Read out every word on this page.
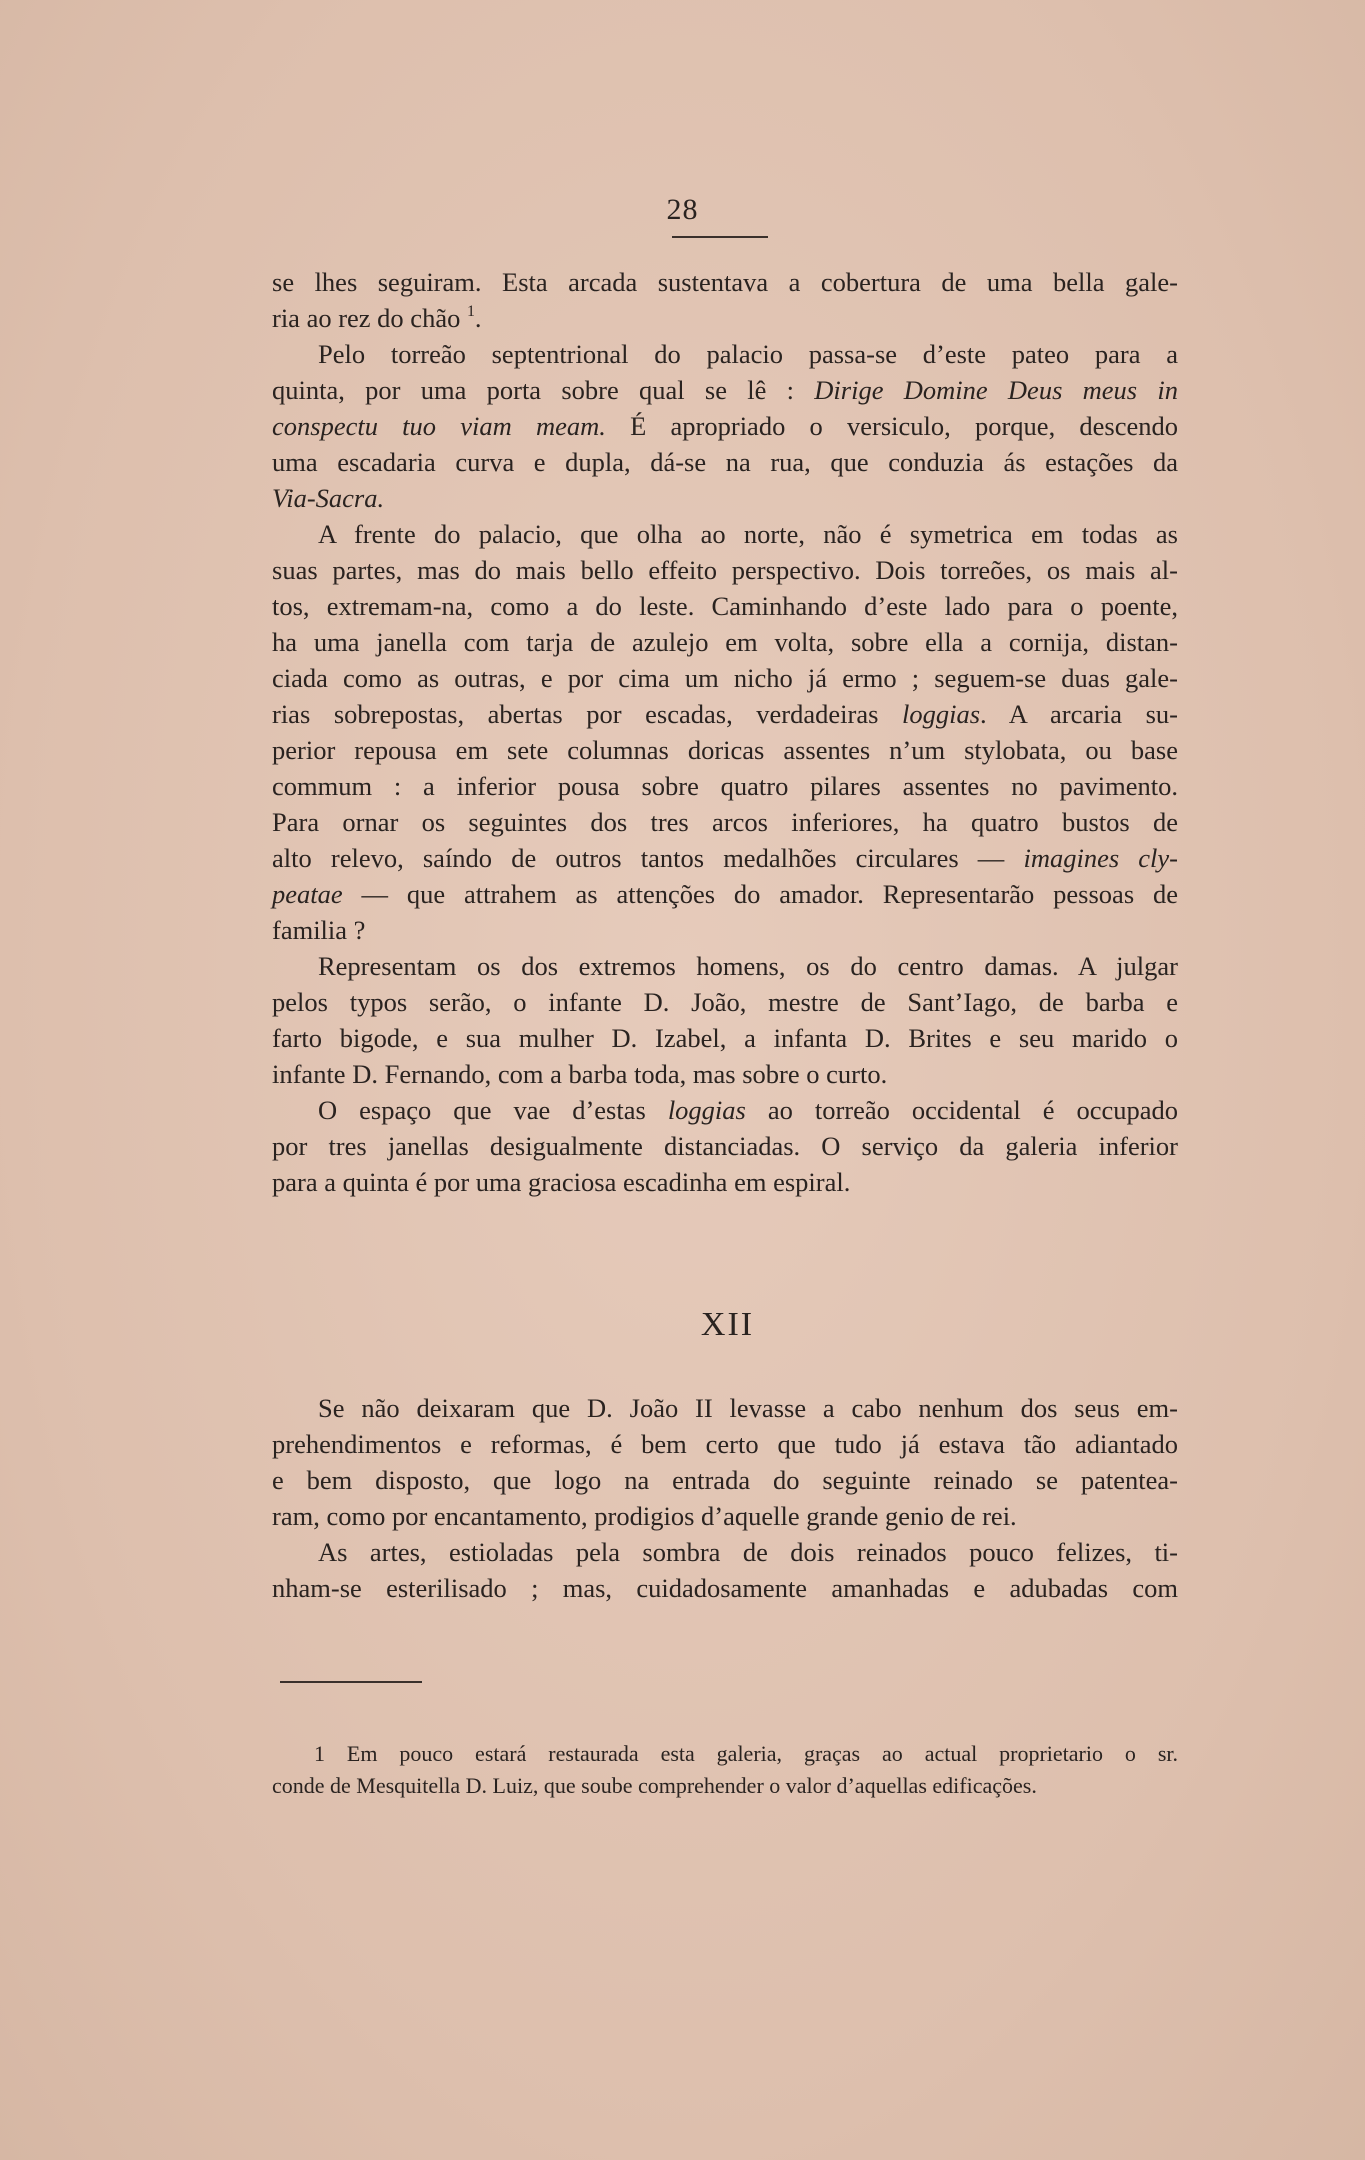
28
se lhes seguiram. Esta arcada sustentava a cobertura de uma bella gale-
ria ao rez do chão $^1$.
Pelo torreão septentrional do palacio passa-se d’este pateo para a
quinta, por uma porta sobre qual se lê : Dirige Domine Deus meus in
conspectu tuo viam meam. É apropriado o versiculo, porque, descendo
uma escadaria curva e dupla, dá-se na rua, que conduzia ás estações da
Via-Sacra.
A frente do palacio, que olha ao norte, não é symetrica em todas as
suas partes, mas do mais bello effeito perspectivo. Dois torreões, os mais al-
tos, extremam-na, como a do leste. Caminhando d’este lado para o poente,
ha uma janella com tarja de azulejo em volta, sobre ella a cornija, distan-
ciada como as outras, e por cima um nicho já ermo ; seguem-se duas gale-
rias sobrepostas, abertas por escadas, verdadeiras loggias. A arcaria su-
perior repousa em sete columnas doricas assentes n’um stylobata, ou base
commum : a inferior pousa sobre quatro pilares assentes no pavimento.
Para ornar os seguintes dos tres arcos inferiores, ha quatro bustos de
alto relevo, saíndo de outros tantos medalhões circulares — imagines cly-
peatae — que attrahem as attenções do amador. Representarão pessoas de
familia ?
Representam os dos extremos homens, os do centro damas. A julgar
pelos typos serão, o infante D. João, mestre de Sant’Iago, de barba e
farto bigode, e sua mulher D. Izabel, a infanta D. Brites e seu marido o
infante D. Fernando, com a barba toda, mas sobre o curto.
O espaço que vae d’estas loggias ao torreão occidental é occupado
por tres janellas desigualmente distanciadas. O serviço da galeria inferior
para a quinta é por uma graciosa escadinha em espiral.
XII
Se não deixaram que D. João II levasse a cabo nenhum dos seus em-
prehendimentos e reformas, é bem certo que tudo já estava tão adiantado
e bem disposto, que logo na entrada do seguinte reinado se patentea-
ram, como por encantamento, prodigios d’aquelle grande genio de rei.
As artes, estioladas pela sombra de dois reinados pouco felizes, ti-
nham-se esterilisado ; mas, cuidadosamente amanhadas e adubadas com
1 Em pouco estará restaurada esta galeria, graças ao actual proprietario o sr.
conde de Mesquitella D. Luiz, que soube comprehender o valor d’aquellas edificações.
